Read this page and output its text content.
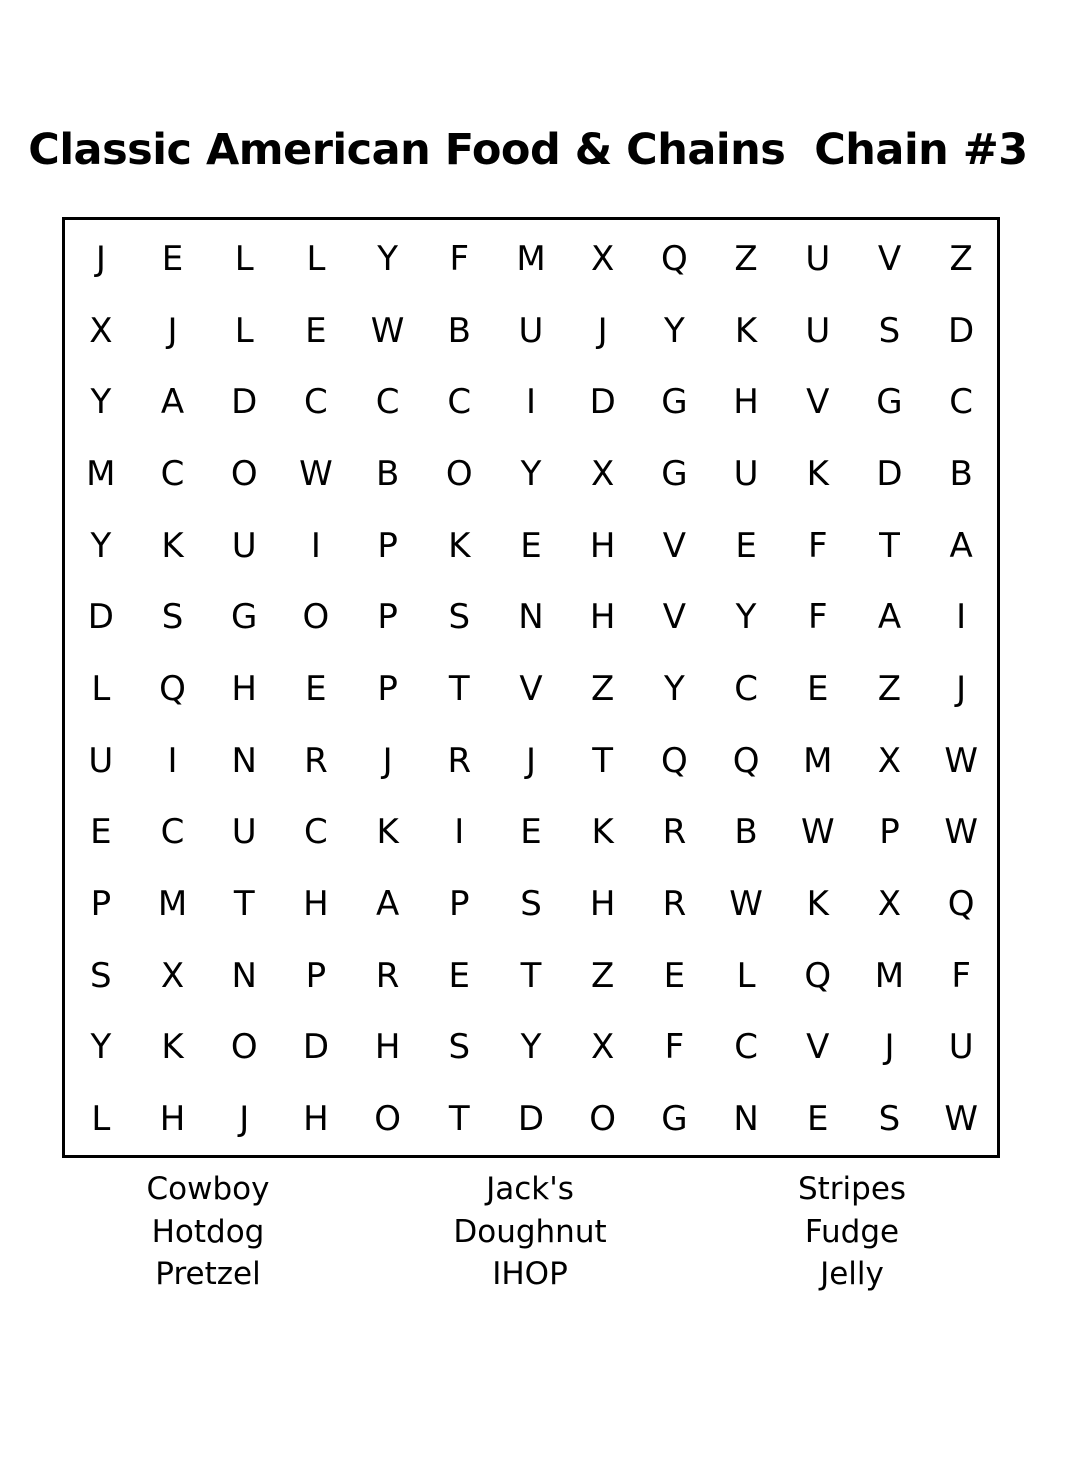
Classic American Food & Chains  Chain #3
J	E	L	L	Y	F	M	X	Q	Z	U	V	Z
X	J	L	E	W	B	U	J	Y	K	U	S	D
Y	A	D	C	C	C	I	D	G	H	V	G	C
M	C	O	W	B	O	Y	X	G	U	K	D	B
Y	K	U	I	P	K	E	H	V	E	F	T	A
D	S	G	O	P	S	N	H	V	Y	F	A	I
L	Q	H	E	P	T	V	Z	Y	C	E	Z	J
U	I	N	R	J	R	J	T	Q	Q	M	X	W
E	C	U	C	K	I	E	K	R	B	W	P	W
P	M	T	H	A	P	S	H	R	W	K	X	Q
S	X	N	P	R	E	T	Z	E	L	Q	M	F
Y	K	O	D	H	S	Y	X	F	C	V	J	U
L	H	J	H	O	T	D	O	G	N	E	S	W
Cowboy
Hotdog
Pretzel
Jack's
Doughnut
IHOP
Stripes
Fudge
Jelly
